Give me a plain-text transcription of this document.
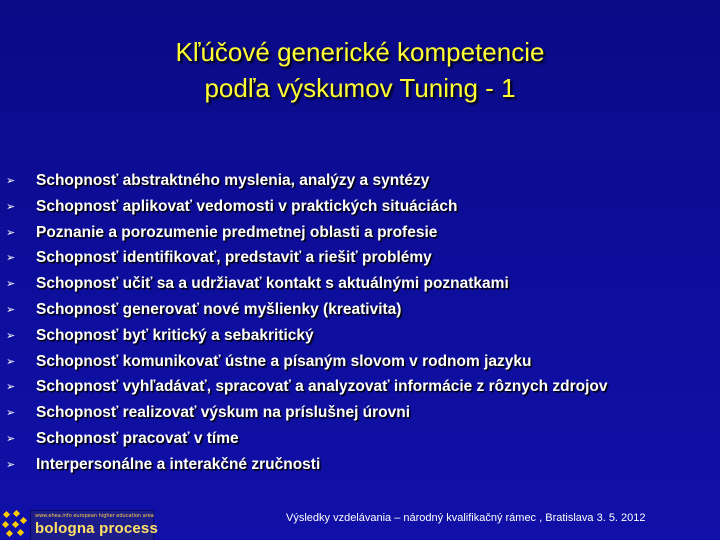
Kľúčové generické kompetencie
podľa výskumov Tuning - 1
➢	Schopnosť abstraktného myslenia, analýzy a syntézy
➢	Schopnosť aplikovať vedomosti v praktických situáciách
➢	Poznanie a porozumenie predmetnej oblasti a profesie
➢	Schopnosť identifikovať, predstaviť a riešiť problémy
➢	Schopnosť učiť sa a udržiavať kontakt s aktuálnými poznatkami
➢	Schopnosť generovať nové myšlienky (kreativita)
➢	Schopnosť byť kritický a sebakritický
➢	Schopnosť komunikovať ústne a písaným slovom v rodnom jazyku
➢	Schopnosť vyhľadávať, spracovať a analyzovať informácie z rôznych zdrojov
➢	Schopnosť realizovať výskum na príslušnej úrovni
➢	Schopnosť pracovať v tíme
➢	Interpersonálne a interakčné zručnosti
www.ehea.info european higher education area
bologna process
Výsledky vzdelávania – národný kvalifikačný rámec , Bratislava 3. 5. 2012
